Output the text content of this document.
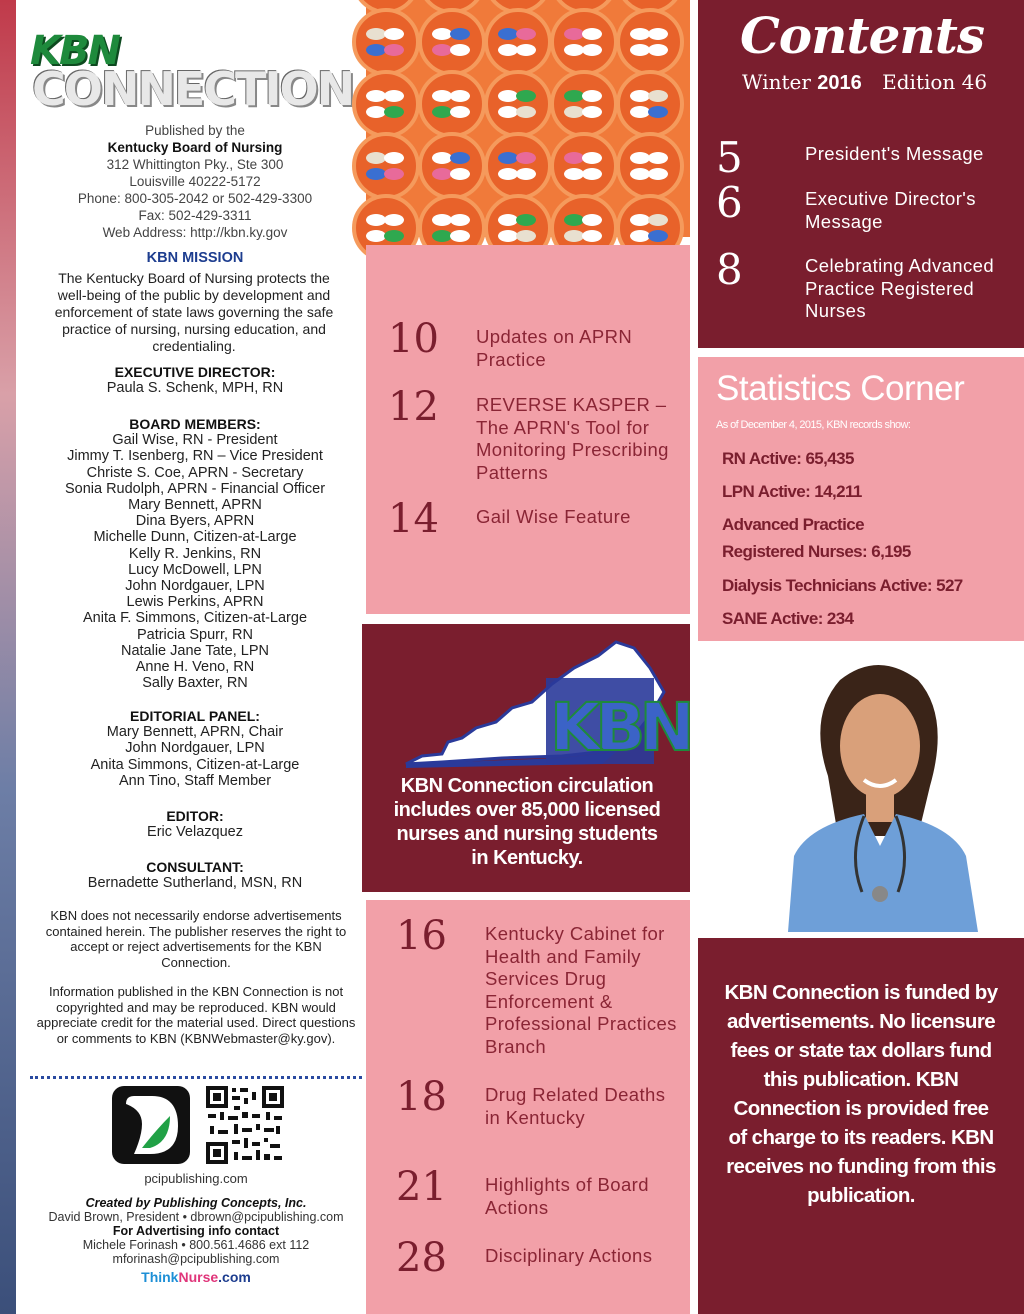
KBN
CONNECTION
Published by the
Kentucky Board of Nursing
312 Whittington Pky., Ste 300
Louisville 40222-5172
Phone: 800-305-2042 or 502-429-3300
Fax: 502-429-3311
Web Address: http://kbn.ky.gov
KBN MISSION
The Kentucky Board of Nursing protects the well-being of the public by development and enforcement of state laws governing the safe practice of nursing, nursing education, and credentialing.
EXECUTIVE DIRECTOR:
Paula S. Schenk, MPH, RN
BOARD MEMBERS:
Gail Wise, RN - President
Jimmy T. Isenberg, RN – Vice President
Christe S. Coe, APRN - Secretary
Sonia Rudolph, APRN - Financial Officer
Mary Bennett, APRN
Dina Byers, APRN
Michelle Dunn, Citizen-at-Large
Kelly R. Jenkins, RN
Lucy McDowell, LPN
John Nordgauer, LPN
Lewis Perkins, APRN
Anita F. Simmons, Citizen-at-Large
Patricia Spurr, RN
Natalie Jane Tate, LPN
Anne H. Veno, RN
Sally Baxter, RN
EDITORIAL PANEL:
Mary Bennett, APRN, Chair
John Nordgauer, LPN
Anita Simmons, Citizen-at-Large
Ann Tino, Staff Member
EDITOR:
Eric Velazquez
CONSULTANT:
Bernadette Sutherland, MSN, RN
KBN does not necessarily endorse advertisements contained herein. The publisher reserves the right to accept or reject advertisements for the KBN Connection.
Information published in the KBN Connection is not copyrighted and may be reproduced. KBN would appreciate credit for the material used. Direct questions or comments to KBN (KBNWebmaster@ky.gov).
pcipublishing.com
Created by Publishing Concepts, Inc.
David Brown, President • dbrown@pcipublishing.com
For Advertising info contact
Michele Forinash • 800.561.4686 ext 112
mforinash@pcipublishing.com
ThinkNurse.com
10 Updates on APRN Practice
12 REVERSE KASPER – The APRN's Tool for Monitoring Prescribing Patterns
14 Gail Wise Feature
KBN
KBN Connection circulation includes over 85,000 licensed nurses and nursing students in Kentucky.
16 Kentucky Cabinet for Health and Family Services Drug Enforcement & Professional Practices Branch
18 Drug Related Deaths in Kentucky
21 Highlights of Board Actions
28 Disciplinary Actions
Contents
Winter 2016 Edition 46
5	President's Message
6	Executive Director's Message
8	Celebrating Advanced Practice Registered Nurses
Statistics Corner
As of December 4, 2015, KBN records show:
RN Active: 65,435
LPN Active: 14,211
Advanced Practice
Registered Nurses: 6,195
Dialysis Technicians Active: 527
SANE Active: 234
KBN Connection is funded by advertisements. No licensure fees or state tax dollars fund this publication. KBN Connection is provided free of charge to its readers. KBN receives no funding from this publication.
